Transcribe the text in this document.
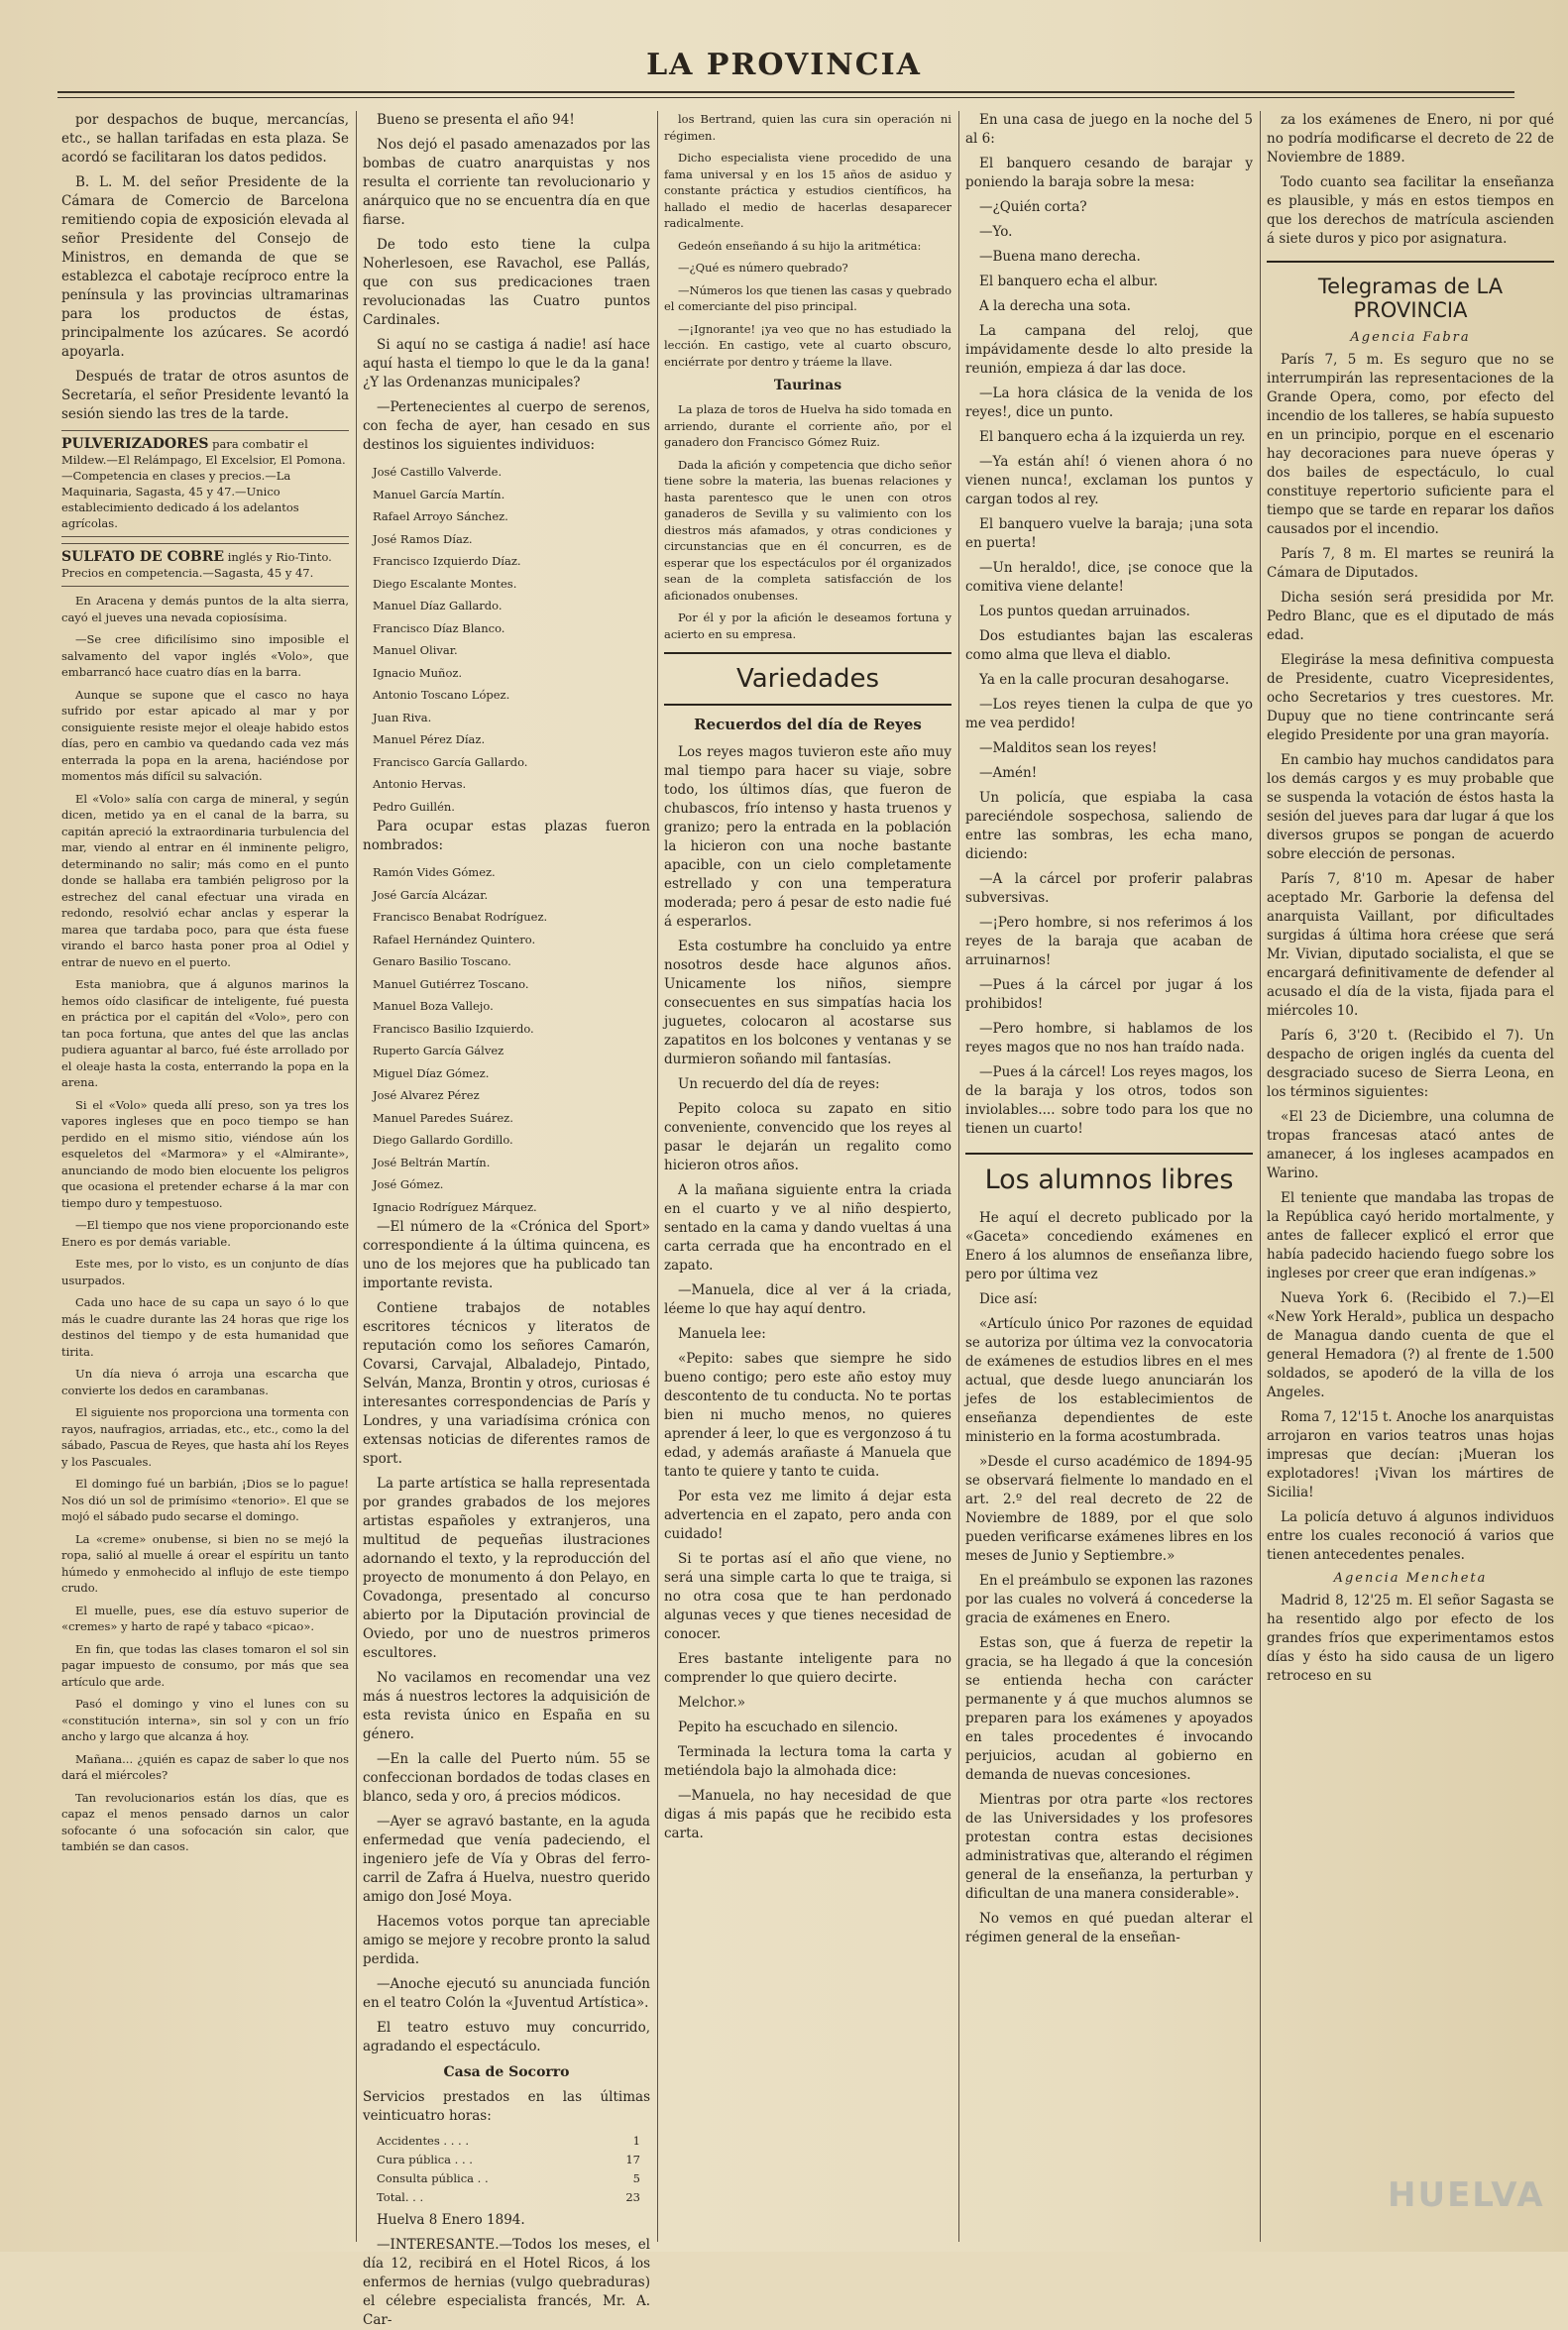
LA PROVINCIA

por despachos de buque, mercancías, etc., se hallan tarifadas en esta plaza. Se acordó se facilitaran los datos pedidos.

B. L. M. del señor Presidente de la Cámara de Comercio de Barcelona remitiendo copia de exposición elevada al señor Presidente del Consejo de Ministros, en demanda de que se establezca el cabotaje recíproco entre la península y las provincias ultramarinas para los productos de éstas, principalmente los azúcares. Se acordó apoyarla.

Después de tratar de otros asuntos de Secretaría, el señor Presidente levantó la sesión siendo las tres de la tarde.

PULVERIZADORES para combatir el Mildew.—El Relámpago, El Excelsior, El Pomona.—Competencia en clases y precios.—La Maquinaria, Sagasta, 45 y 47.—Unico establecimiento dedicado á los adelantos agrícolas.
SULFATO DE COBRE inglés y Rio-Tinto. Precios en competencia.—Sagasta, 45 y 47.

En Aracena y demás puntos de la alta sierra, cayó el jueves una nevada copiosísima.

—Se cree dificilísimo sino imposible el salvamento del vapor inglés «Volo», que embarrancó hace cuatro días en la barra.

Aunque se supone que el casco no haya sufrido por estar apicado al mar y por consiguiente resiste mejor el oleaje habido estos días, pero en cambio va quedando cada vez más enterrada la popa en la arena, haciéndose por momentos más difícil su salvación.

El «Volo» salía con carga de mineral, y según dicen, metido ya en el canal de la barra, su capitán apreció la extraordinaria turbulencia del mar, viendo al entrar en él inminente peligro, determinando no salir; más como en el punto donde se hallaba era también peligroso por la estrechez del canal efectuar una virada en redondo, resolvió echar anclas y esperar la marea que tardaba poco, para que ésta fuese virando el barco hasta poner proa al Odiel y entrar de nuevo en el puerto.

Esta maniobra, que á algunos marinos la hemos oído clasificar de inteligente, fué puesta en práctica por el capitán del «Volo», pero con tan poca fortuna, que antes del que las anclas pudiera aguantar al barco, fué éste arrollado por el oleaje hasta la costa, enterrando la popa en la arena.

Si el «Volo» queda allí preso, son ya tres los vapores ingleses que en poco tiempo se han perdido en el mismo sitio, viéndose aún los esqueletos del «Marmora» y el «Almirante», anunciando de modo bien elocuente los peligros que ocasiona el pretender echarse á la mar con tiempo duro y tempestuoso.

—El tiempo que nos viene proporcionando este Enero es por demás variable.

Este mes, por lo visto, es un conjunto de días usurpados.

Cada uno hace de su capa un sayo ó lo que más le cuadre durante las 24 horas que rige los destinos del tiempo y de esta humanidad que tirita.

Un día nieva ó arroja una escarcha que convierte los dedos en carambanas.

El siguiente nos proporciona una tormenta con rayos, naufragios, arriadas, etc., etc., como la del sábado, Pascua de Reyes, que hasta ahí los Reyes y los Pascuales.

El domingo fué un barbián, ¡Dios se lo pague! Nos dió un sol de primísimo «tenorio». El que se mojó el sábado pudo secarse el domingo.

La «creme» onubense, si bien no se mejó la ropa, salió al muelle á orear el espíritu un tanto húmedo y enmohecido al influjo de este tiempo crudo.

El muelle, pues, ese día estuvo superior de «cremes» y harto de rapé y tabaco «picao».

En fin, que todas las clases tomaron el sol sin pagar impuesto de consumo, por más que sea artículo que arde.

Pasó el domingo y vino el lunes con su «constitución interna», sin sol y con un frío ancho y largo que alcanza á hoy.

Mañana... ¿quién es capaz de saber lo que nos dará el miércoles?

Tan revolucionarios están los días, que es capaz el menos pensado darnos un calor sofocante ó una sofocación sin calor, que también se dan casos.

Bueno se presenta el año 94!

Nos dejó el pasado amenazados por las bombas de cuatro anarquistas y nos resulta el corriente tan revolucionario y anárquico que no se encuentra día en que fiarse.

De todo esto tiene la culpa Noherlesoen, ese Ravachol, ese Pallás, que con sus predicaciones traen revolucionadas las Cuatro puntos Cardinales.

Si aquí no se castiga á nadie! así hace aquí hasta el tiempo lo que le da la gana! ¿Y las Ordenanzas municipales?

—Pertenecientes al cuerpo de serenos, con fecha de ayer, han cesado en sus destinos los siguientes individuos:

José Castillo Valverde.

Manuel García Martín.

Rafael Arroyo Sánchez.

José Ramos Díaz.

Francisco Izquierdo Díaz.

Diego Escalante Montes.

Manuel Díaz Gallardo.

Francisco Díaz Blanco.

Manuel Olivar.

Ignacio Muñoz.

Antonio Toscano López.

Juan Riva.

Manuel Pérez Díaz.

Francisco García Gallardo.

Antonio Hervas.

Pedro Guillén.

Para ocupar estas plazas fueron nombrados:

Ramón Vides Gómez.

José García Alcázar.

Francisco Benabat Rodríguez.

Rafael Hernández Quintero.

Genaro Basilio Toscano.

Manuel Gutiérrez Toscano.

Manuel Boza Vallejo.

Francisco Basilio Izquierdo.

Ruperto García Gálvez

Miguel Díaz Gómez.

José Alvarez Pérez

Manuel Paredes Suárez.

Diego Gallardo Gordillo.

José Beltrán Martín.

José Gómez.

Ignacio Rodríguez Márquez.

—El número de la «Crónica del Sport» correspondiente á la última quincena, es uno de los mejores que ha publicado tan importante revista.

Contiene trabajos de notables escritores técnicos y literatos de reputación como los señores Camarón, Covarsi, Carvajal, Albaladejo, Pintado, Selván, Manza, Brontin y otros, curiosas é interesantes correspondencias de París y Londres, y una variadísima crónica con extensas noticias de diferentes ramos de sport.

La parte artística se halla representada por grandes grabados de los mejores artistas españoles y extranjeros, una multitud de pequeñas ilustraciones adornando el texto, y la reproducción del proyecto de monumento á don Pelayo, en Covadonga, presentado al concurso abierto por la Diputación provincial de Oviedo, por uno de nuestros primeros escultores.

No vacilamos en recomendar una vez más á nuestros lectores la adquisición de esta revista único en España en su género.

—En la calle del Puerto núm. 55 se confeccionan bordados de todas clases en blanco, seda y oro, á precios módicos.

—Ayer se agravó bastante, en la aguda enfermedad que venía padeciendo, el ingeniero jefe de Vía y Obras del ferro-carril de Zafra á Huelva, nuestro querido amigo don José Moya.

Hacemos votos porque tan apreciable amigo se mejore y recobre pronto la salud perdida.

—Anoche ejecutó su anunciada función en el teatro Colón la «Juventud Artística».

El teatro estuvo muy concurrido, agradando el espectáculo.

Casa de Socorro

Servicios prestados en las últimas veinticuatro horas:

Accidentes . . . .	1
Cura pública . . .	17
Consulta pública . .	5
Total. . .	23

Huelva 8 Enero 1894.

—INTERESANTE.—Todos los meses, el día 12, recibirá en el Hotel Ricos, á los enfermos de hernias (vulgo quebraduras) el célebre especialista francés, Mr. A. Car-

los Bertrand, quien las cura sin operación ni régimen.

Dicho especialista viene procedido de una fama universal y en los 15 años de asiduo y constante práctica y estudios científicos, ha hallado el medio de hacerlas desaparecer radicalmente.

Gedeón enseñando á su hijo la aritmética:

—¿Qué es número quebrado?

—Números los que tienen las casas y quebrado el comerciante del piso principal.

—¡Ignorante! ¡ya veo que no has estudiado la lección. En castigo, vete al cuarto obscuro, enciérrate por dentro y tráeme la llave.

Taurinas

La plaza de toros de Huelva ha sido tomada en arriendo, durante el corriente año, por el ganadero don Francisco Gómez Ruiz.

Dada la afición y competencia que dicho señor tiene sobre la materia, las buenas relaciones y hasta parentesco que le unen con otros ganaderos de Sevilla y su valimiento con los diestros más afamados, y otras condiciones y circunstancias que en él concurren, es de esperar que los espectáculos por él organizados sean de la completa satisfacción de los aficionados onubenses.

Por él y por la afición le deseamos fortuna y acierto en su empresa.

Variedades
Recuerdos del día de Reyes

Los reyes magos tuvieron este año muy mal tiempo para hacer su viaje, sobre todo, los últimos días, que fueron de chubascos, frío intenso y hasta truenos y granizo; pero la entrada en la población la hicieron con una noche bastante apacible, con un cielo completamente estrellado y con una temperatura moderada; pero á pesar de esto nadie fué á esperarlos.

Esta costumbre ha concluido ya entre nosotros desde hace algunos años. Unicamente los niños, siempre consecuentes en sus simpatías hacia los juguetes, colocaron al acostarse sus zapatitos en los bolcones y ventanas y se durmieron soñando mil fantasías.

Un recuerdo del día de reyes:

Pepito coloca su zapato en sitio conveniente, convencido que los reyes al pasar le dejarán un regalito como hicieron otros años.

A la mañana siguiente entra la criada en el cuarto y ve al niño despierto, sentado en la cama y dando vueltas á una carta cerrada que ha encontrado en el zapato.

—Manuela, dice al ver á la criada, léeme lo que hay aquí dentro.

Manuela lee:

«Pepito: sabes que siempre he sido bueno contigo; pero este año estoy muy descontento de tu conducta. No te portas bien ni mucho menos, no quieres aprender á leer, lo que es vergonzoso á tu edad, y además arañaste á Manuela que tanto te quiere y tanto te cuida.

Por esta vez me limito á dejar esta advertencia en el zapato, pero anda con cuidado!

Si te portas así el año que viene, no será una simple carta lo que te traiga, si no otra cosa que te han perdonado algunas veces y que tienes necesidad de conocer.

Eres bastante inteligente para no comprender lo que quiero decirte.

Melchor.»

Pepito ha escuchado en silencio.

Terminada la lectura toma la carta y metiéndola bajo la almohada dice:

—Manuela, no hay necesidad de que digas á mis papás que he recibido esta carta.

En una casa de juego en la noche del 5 al 6:

El banquero cesando de barajar y poniendo la baraja sobre la mesa:

—¿Quién corta?

—Yo.

—Buena mano derecha.

El banquero echa el albur.

A la derecha una sota.

La campana del reloj, que impávidamente desde lo alto preside la reunión, empieza á dar las doce.

—La hora clásica de la venida de los reyes!, dice un punto.

El banquero echa á la izquierda un rey.

—Ya están ahí! ó vienen ahora ó no vienen nunca!, exclaman los puntos y cargan todos al rey.

El banquero vuelve la baraja; ¡una sota en puerta!

—Un heraldo!, dice, ¡se conoce que la comitiva viene delante!

Los puntos quedan arruinados.

Dos estudiantes bajan las escaleras como alma que lleva el diablo.

Ya en la calle procuran desahogarse.

—Los reyes tienen la culpa de que yo me vea perdido!

—Malditos sean los reyes!

—Amén!

Un policía, que espiaba la casa pareciéndole sospechosa, saliendo de entre las sombras, les echa mano, diciendo:

—A la cárcel por proferir palabras subversivas.

—¡Pero hombre, si nos referimos á los reyes de la baraja que acaban de arruinarnos!

—Pues á la cárcel por jugar á los prohibidos!

—Pero hombre, si hablamos de los reyes magos que no nos han traído nada.

—Pues á la cárcel! Los reyes magos, los de la baraja y los otros, todos son inviolables.... sobre todo para los que no tienen un cuarto!

Los alumnos libres

He aquí el decreto publicado por la «Gaceta» concediendo exámenes en Enero á los alumnos de enseñanza libre, pero por última vez

Dice así:

«Artículo único Por razones de equidad se autoriza por última vez la convocatoria de exámenes de estudios libres en el mes actual, que desde luego anunciarán los jefes de los establecimientos de enseñanza dependientes de este ministerio en la forma acostumbrada.

»Desde el curso académico de 1894-95 se observará fielmente lo mandado en el art. 2.º del real decreto de 22 de Noviembre de 1889, por el que solo pueden verificarse exámenes libres en los meses de Junio y Septiembre.»

En el preámbulo se exponen las razones por las cuales no volverá á concederse la gracia de exámenes en Enero.

Estas son, que á fuerza de repetir la gracia, se ha llegado á que la concesión se entienda hecha con carácter permanente y á que muchos alumnos se preparen para los exámenes y apoyados en tales procedentes é invocando perjuicios, acudan al gobierno en demanda de nuevas concesiones.

Mientras por otra parte «los rectores de las Universidades y los profesores protestan contra estas decisiones administrativas que, alterando el régimen general de la enseñanza, la perturban y dificultan de una manera considerable».

No vemos en qué puedan alterar el régimen general de la enseñan-

za los exámenes de Enero, ni por qué no podría modificarse el decreto de 22 de Noviembre de 1889.

Todo cuanto sea facilitar la enseñanza es plausible, y más en estos tiempos en que los derechos de matrícula ascienden á siete duros y pico por asignatura.

Telegramas de LA PROVINCIA
Agencia Fabra

París 7, 5 m. Es seguro que no se interrumpirán las representaciones de la Grande Opera, como, por efecto del incendio de los talleres, se había supuesto en un principio, porque en el escenario hay decoraciones para nueve óperas y dos bailes de espectáculo, lo cual constituye repertorio suficiente para el tiempo que se tarde en reparar los daños causados por el incendio.

París 7, 8 m. El martes se reunirá la Cámara de Diputados.

Dicha sesión será presidida por Mr. Pedro Blanc, que es el diputado de más edad.

Elegiráse la mesa definitiva compuesta de Presidente, cuatro Vicepresidentes, ocho Secretarios y tres cuestores. Mr. Dupuy que no tiene contrincante será elegido Presidente por una gran mayoría.

En cambio hay muchos candidatos para los demás cargos y es muy probable que se suspenda la votación de éstos hasta la sesión del jueves para dar lugar á que los diversos grupos se pongan de acuerdo sobre elección de personas.

París 7, 8'10 m. Apesar de haber aceptado Mr. Garborie la defensa del anarquista Vaillant, por dificultades surgidas á última hora créese que será Mr. Vivian, diputado socialista, el que se encargará definitivamente de defender al acusado el día de la vista, fijada para el miércoles 10.

París 6, 3'20 t. (Recibido el 7). Un despacho de origen inglés da cuenta del desgraciado suceso de Sierra Leona, en los términos siguientes:

«El 23 de Diciembre, una columna de tropas francesas atacó antes de amanecer, á los ingleses acampados en Warino.

El teniente que mandaba las tropas de la República cayó herido mortalmente, y antes de fallecer explicó el error que había padecido haciendo fuego sobre los ingleses por creer que eran indígenas.»

Nueva York 6. (Recibido el 7.)—El «New York Herald», publica un despacho de Managua dando cuenta de que el general Hemadora (?) al frente de 1.500 soldados, se apoderó de la villa de los Angeles.

Roma 7, 12'15 t. Anoche los anarquistas arrojaron en varios teatros unas hojas impresas que decían: ¡Mueran los explotadores! ¡Vivan los mártires de Sicilia!

La policía detuvo á algunos individuos entre los cuales reconoció á varios que tienen antecedentes penales.

Agencia Mencheta

Madrid 8, 12'25 m. El señor Sagasta se ha resentido algo por efecto de los grandes fríos que experimentamos estos días y ésto ha sido causa de un ligero retroceso en su

HUELVA
